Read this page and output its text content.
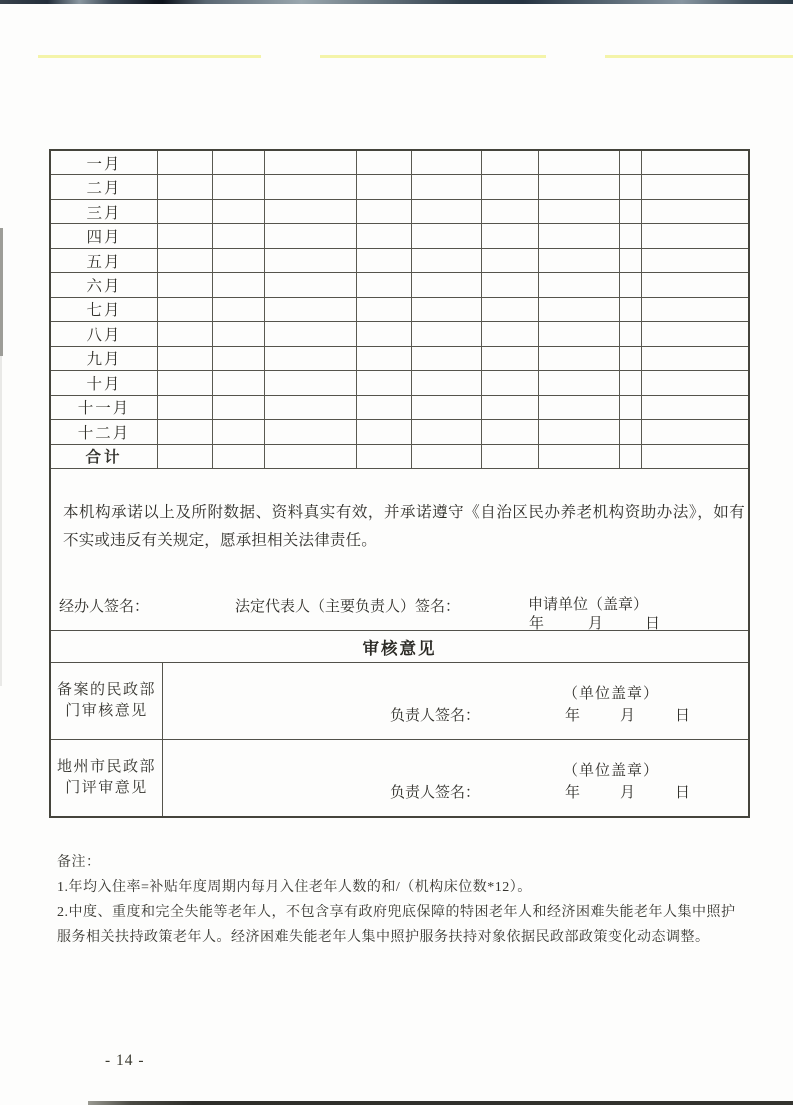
一月
二月
三月
四月
五月
六月
七月
八月
九月
十月
十一月
十二月
合计

本机构承诺以上及所附数据、资料真实有效，并承诺遵守《自治区民办养老机构资助办法》，如有不实或违反有关规定，愿承担相关法律责任。

经办人签名：	法定代表人（主要负责人）签名：	申请单位（盖章）
年	月	日
审核意见
备案的民政部
门审核意见
（单位盖章）
负责人签名：	年	月	日
地州市民政部
门评审意见
（单位盖章）
负责人签名：	年	月	日
备注：
1.年均入住率=补贴年度周期内每月入住老年人数的和/（机构床位数*12）。
2.中度、重度和完全失能等老年人，不包含享有政府兜底保障的特困老年人和经济困难失能老年人集中照护服务相关扶持政策老年人。经济困难失能老年人集中照护服务扶持对象依据民政部政策变化动态调整。
- 14 -
